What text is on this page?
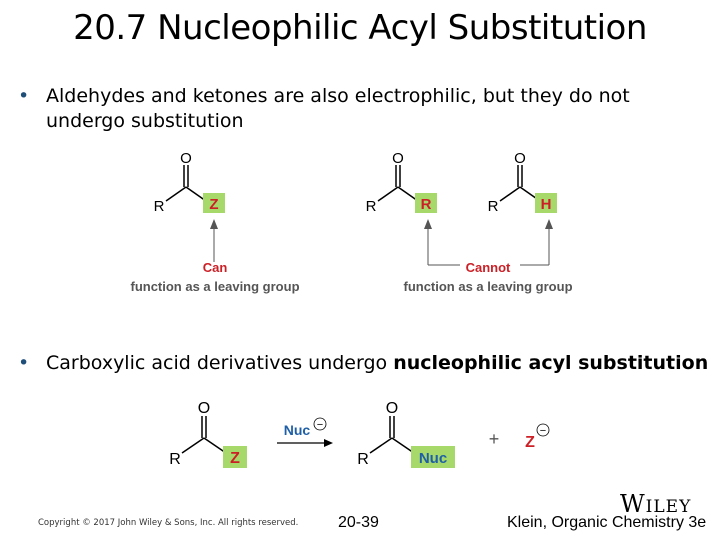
20.7 Nucleophilic Acyl Substitution
• Aldehydes and ketones are also electrophilic, but they do not undergo substitution
O
R	Z
Can
function as a leaving group
O
R	R
O
R	H
Cannot
function as a leaving group
• Carboxylic acid derivatives undergo nucleophilic acyl substitution
O
R	Z
Nuc −
O
R	Nuc
+ Z
−
Copyright © 2017 John Wiley & Sons, Inc. All rights reserved. 20-39
WILEY
Klein, Organic Chemistry 3e
